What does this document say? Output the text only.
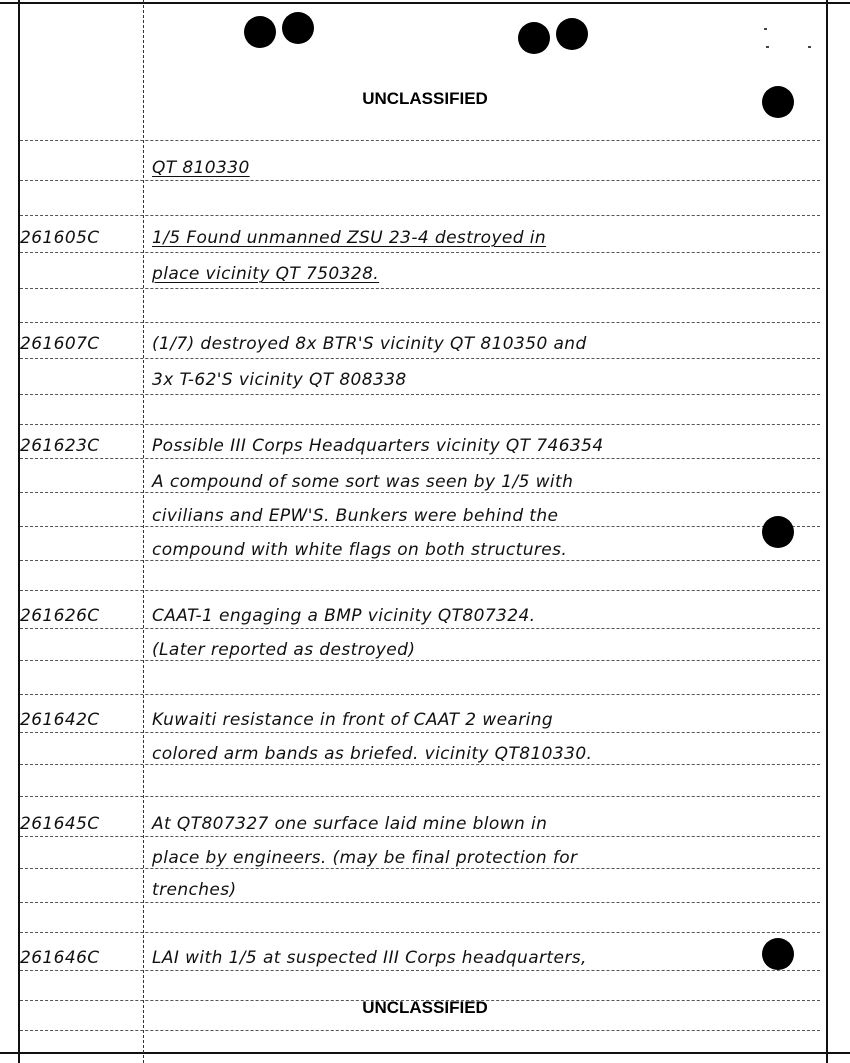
UNCLASSIFIED
UNCLASSIFIED
QT 810330
261605C	1/5 Found unmanned ZSU 23-4 destroyed in
place vicinity QT 750328.
261607C	(1/7) destroyed 8x BTR'S vicinity QT 810350 and
3x T-62'S vicinity QT 808338
261623C	Possible III Corps Headquarters vicinity QT 746354
A compound of some sort was seen by 1/5 with
civilians and EPW'S. Bunkers were behind the
compound with white flags on both structures.
261626C	CAAT-1 engaging a BMP vicinity QT807324.
(Later reported as destroyed)
261642C	Kuwaiti resistance in front of CAAT 2 wearing
colored arm bands as briefed. vicinity QT810330.
261645C	At QT807327 one surface laid mine blown in
place by engineers. (may be final protection for
trenches)
261646C	LAI with 1/5 at suspected III Corps headquarters,
